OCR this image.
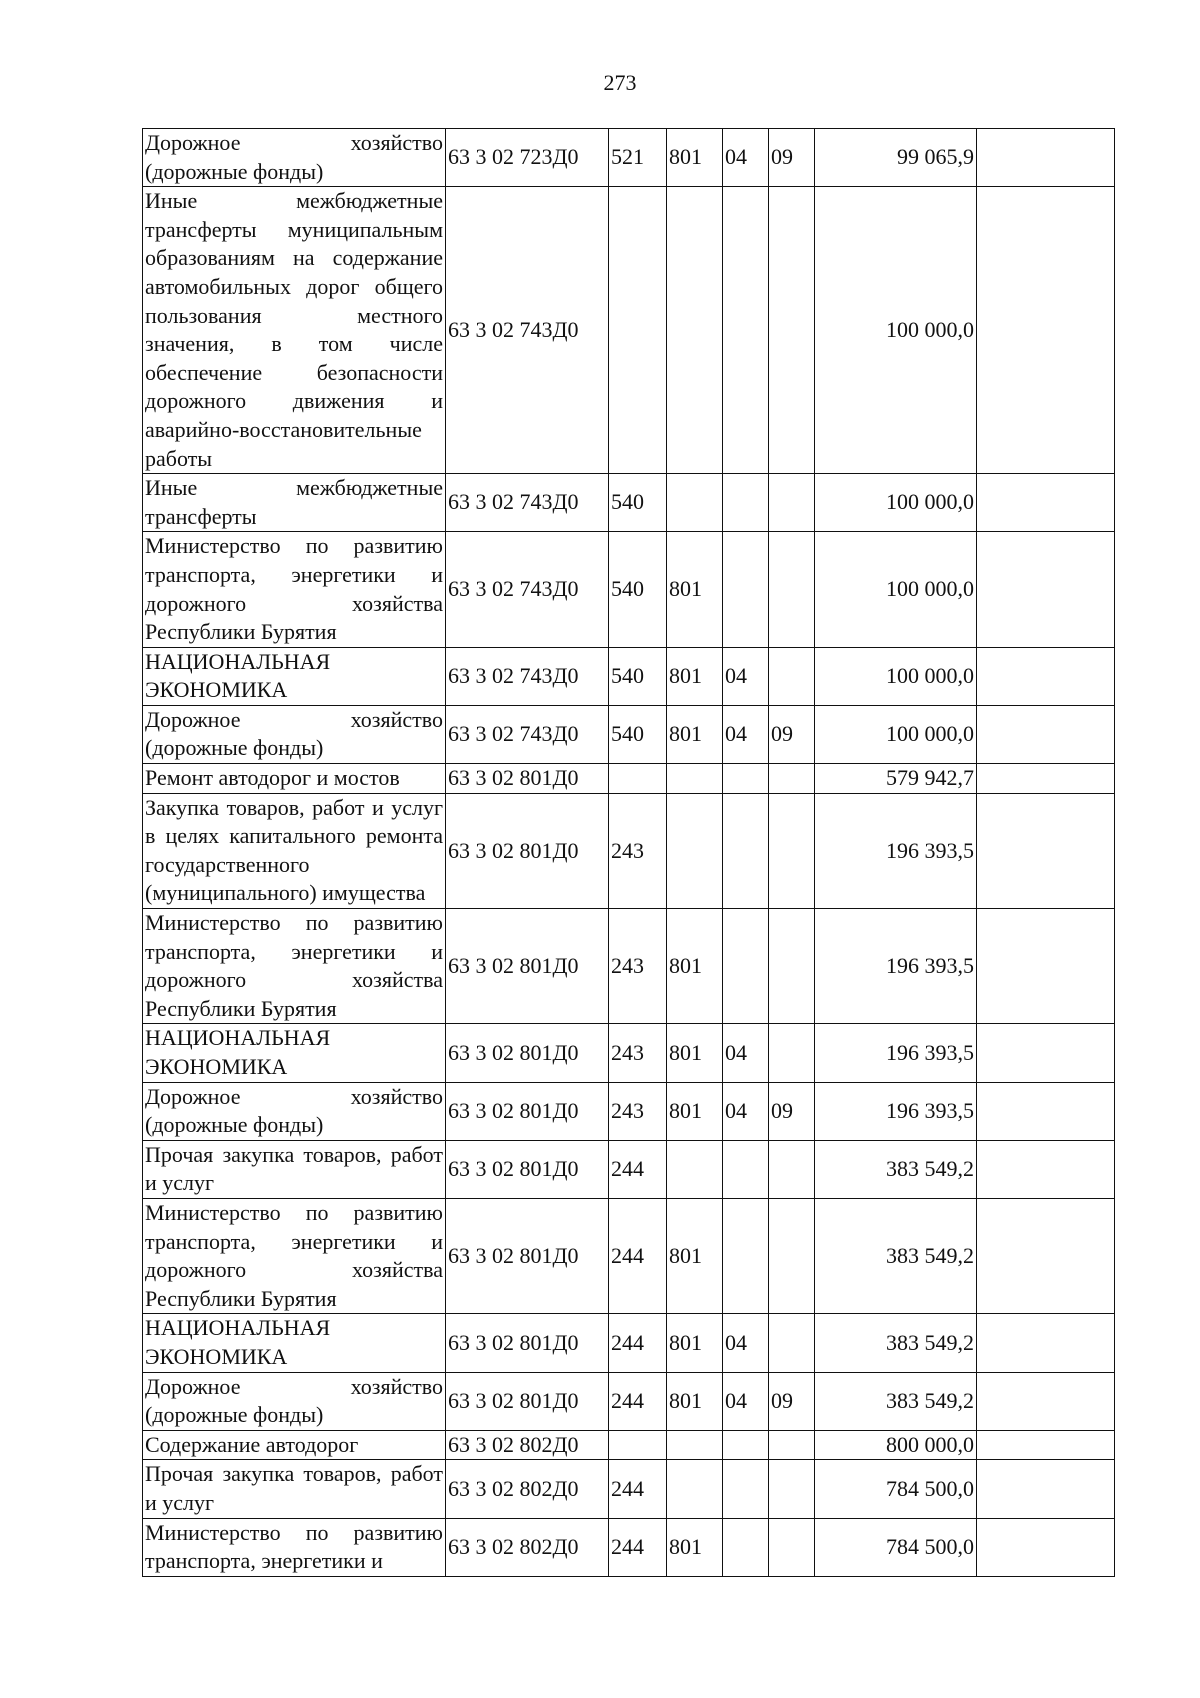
273
Дорожное хозяйство (дорожные фонды)	63 3 02 723Д0	521	801	04	09	99 065,9	
Иные межбюджетные трансферты муниципальным образованиям на содержание автомобильных дорог общего пользования местного значения, в том числе обеспечение безопасности дорожного движения и аварийно-восстановительные работы	63 3 02 743Д0					100 000,0	
Иные межбюджетные трансферты	63 3 02 743Д0	540				100 000,0	
Министерство по развитию транспорта, энергетики и дорожного хозяйства Республики Бурятия	63 3 02 743Д0	540	801			100 000,0	
НАЦИОНАЛЬНАЯ ЭКОНОМИКА	63 3 02 743Д0	540	801	04		100 000,0	
Дорожное хозяйство (дорожные фонды)	63 3 02 743Д0	540	801	04	09	100 000,0	
Ремонт автодорог и мостов	63 3 02 801Д0					579 942,7	
Закупка товаров, работ и услуг в целях капитального ремонта государственного (муниципального) имущества	63 3 02 801Д0	243				196 393,5	
Министерство по развитию транспорта, энергетики и дорожного хозяйства Республики Бурятия	63 3 02 801Д0	243	801			196 393,5	
НАЦИОНАЛЬНАЯ ЭКОНОМИКА	63 3 02 801Д0	243	801	04		196 393,5	
Дорожное хозяйство (дорожные фонды)	63 3 02 801Д0	243	801	04	09	196 393,5	
Прочая закупка товаров, работ и услуг	63 3 02 801Д0	244				383 549,2	
Министерство по развитию транспорта, энергетики и дорожного хозяйства Республики Бурятия	63 3 02 801Д0	244	801			383 549,2	
НАЦИОНАЛЬНАЯ ЭКОНОМИКА	63 3 02 801Д0	244	801	04		383 549,2	
Дорожное хозяйство (дорожные фонды)	63 3 02 801Д0	244	801	04	09	383 549,2	
Содержание автодорог	63 3 02 802Д0					800 000,0	
Прочая закупка товаров, работ и услуг	63 3 02 802Д0	244				784 500,0	
Министерство по развитию транспорта, энергетики и	63 3 02 802Д0	244	801			784 500,0	
